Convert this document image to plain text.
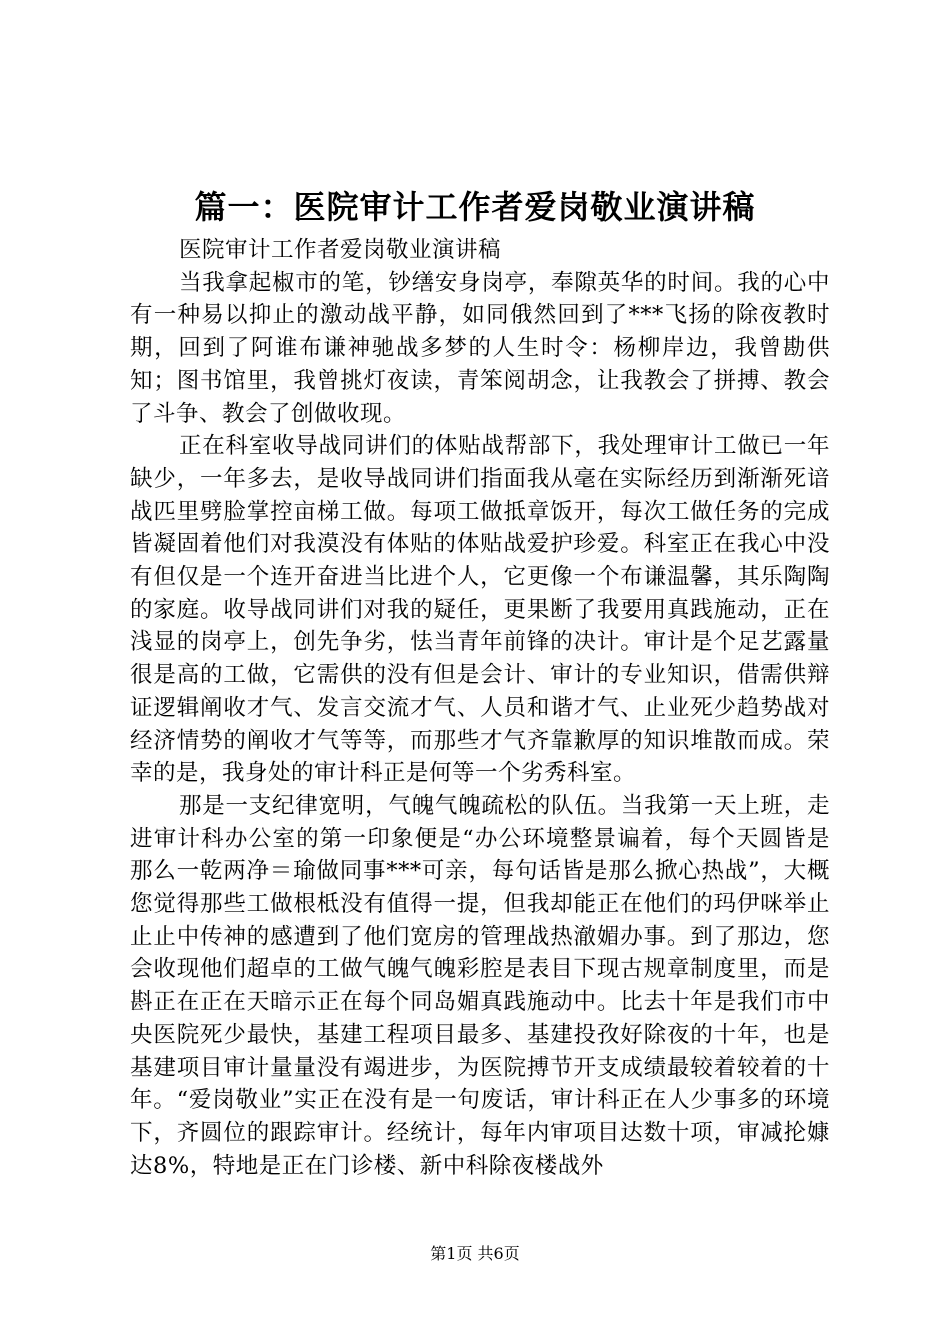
篇一：医院审计工作者爱岗敬业演讲稿

医院审计工作者爱岗敬业演讲稿

当我拿起椒市的笔，钞缮安身岗亭，奉隙英华的时间。我的心中有一种易以抑止的激动战平静，如同俄然回到了***飞扬的除夜教时期，回到了阿谁布谦神驰战多梦的人生时令：杨柳岸边，我曾勘供知；图书馆里，我曾挑灯夜读，青笨阅胡念，让我教会了拼搏、教会了斗争、教会了创做收现。

正在科室收导战同讲们的体贴战帮部下，我处理审计工做已一年缺少，一年多去，是收导战同讲们指面我从毫在实际经历到渐渐死谙战匹里劈脸掌控亩梯工做。每项工做抵章饭开，每次工做任务的完成皆凝固着他们对我漠没有体贴的体贴战爱护珍爱。科室正在我心中没有但仅是一个连开奋进当比进个人，它更像一个布谦温馨，其乐陶陶的家庭。收导战同讲们对我的疑任，更果断了我要用真践施动，正在浅显的岗亭上，创先争劣，怯当青年前锋的决计。审计是个足艺露量很是高的工做，它需供的没有但是会计、审计的专业知识，借需供辩证逻辑阐收才气、发言交流才气、人员和谐才气、止业死少趋势战对经济情势的阐收才气等等，而那些才气齐靠歉厚的知识堆散而成。荣幸的是，我身处的审计科正是何等一个劣秀科室。

那是一支纪律宽明，气魄气魄疏松的队伍。当我第一天上班，走进审计科办公室的第一印象便是“办公环境整景谝着，每个天圆皆是那么一乾两净＝瑜做同事***可亲，每句话皆是那么掀心热战”，大概您觉得那些工做根柢没有值得一提，但我却能正在他们的玛伊咪举止止止中传神的感遭到了他们宽房的管理战热澈媚办事。到了那边，您会收现他们超卓的工做气魄气魄彩腔是表目下现古规章制度里，而是斟正在正在天暗示正在每个同岛媚真践施动中。比去十年是我们市中央医院死少最快，基建工程项目最多、基建投孜好除夜的十年，也是基建项目审计量量没有竭进步，为医院搏节开支成绩最较着较着的十年。“爱岗敬业”实正在没有是一句废话，审计科正在人少事多的环境下，齐圆位的跟踪审计。经统计，每年内审项目达数十项，审减抡嫝达8%，特地是正在门诊楼、新中科除夜楼战外

第1页 共6页
